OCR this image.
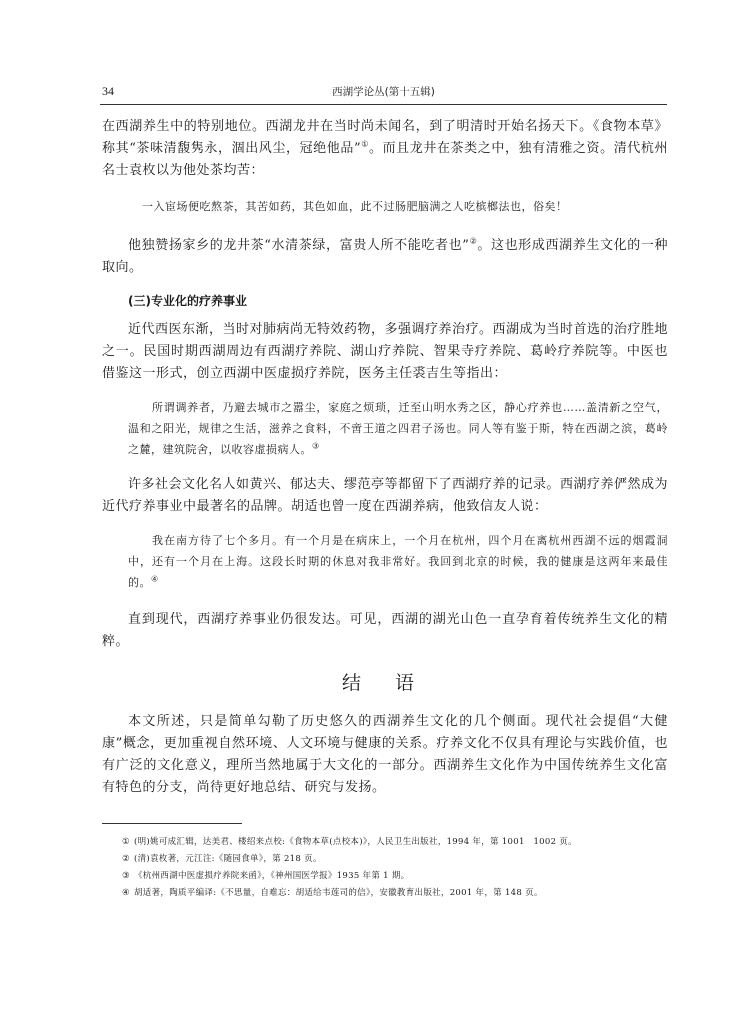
34	西湖学论丛(第十五辑)

在西湖养生中的特别地位。西湖龙井在当时尚未闻名，到了明清时开始名扬天下。《食物本草》称其“茶味清馥隽永，涸出风尘，冠绝他品”①。而且龙井在茶类之中，独有清雅之资。清代杭州名士袁枚以为他处茶均苦：

一入宦场便吃熬茶，其苦如药，其色如血，此不过肠肥脑满之人吃槟榔法也，俗矣！

他独赞扬家乡的龙井茶“水清茶绿，富贵人所不能吃者也”②。这也形成西湖养生文化的一种取向。

(三)专业化的疗养事业

近代西医东渐，当时对肺病尚无特效药物，多强调疗养治疗。西湖成为当时首选的治疗胜地之一。民国时期西湖周边有西湖疗养院、湖山疗养院、智果寺疗养院、葛岭疗养院等。中医也借鉴这一形式，创立西湖中医虚损疗养院，医务主任裘吉生等指出：

所谓调养者，乃避去城市之嚣尘，家庭之烦琐，迁至山明水秀之区，静心疗养也……盖清新之空气，温和之阳光，规律之生活，滋养之食料，不啻王道之四君子汤也。同人等有鉴于斯，特在西湖之滨，葛岭之麓，建筑院舍，以收容虚损病人。③

许多社会文化名人如黄兴、郁达夫、缪范亭等都留下了西湖疗养的记录。西湖疗养俨然成为近代疗养事业中最著名的品牌。胡适也曾一度在西湖养病，他致信友人说：

我在南方待了七个多月。有一个月是在病床上，一个月在杭州，四个月在离杭州西湖不远的烟霞洞中，还有一个月在上海。这段长时期的休息对我非常好。我回到北京的时候，我的健康是这两年来最佳的。④

直到现代，西湖疗养事业仍很发达。可见，西湖的湖光山色一直孕育着传统养生文化的精粹。

结 语

本文所述，只是简单勾勒了历史悠久的西湖养生文化的几个侧面。现代社会提倡“大健康”概念，更加重视自然环境、人文环境与健康的关系。疗养文化不仅具有理论与实践价值，也有广泛的文化意义，理所当然地属于大文化的一部分。西湖养生文化作为中国传统养生文化富有特色的分支，尚待更好地总结、研究与发扬。

① (明)姚可成汇辑，达美君、楼绍来点校:《食物本草(点校本)》，人民卫生出版社，1994 年，第 1001　1002 页。
② (清)袁枚著，元江注:《随园食单》，第 218 页。
③ 《杭州西湖中医虚损疗养院来函》，《神州国医学报》1935 年第 1 期。
④ 胡适著，陶质平编译:《不思量，自难忘：胡适给韦莲司的信》，安徽教育出版社，2001 年，第 148 页。
